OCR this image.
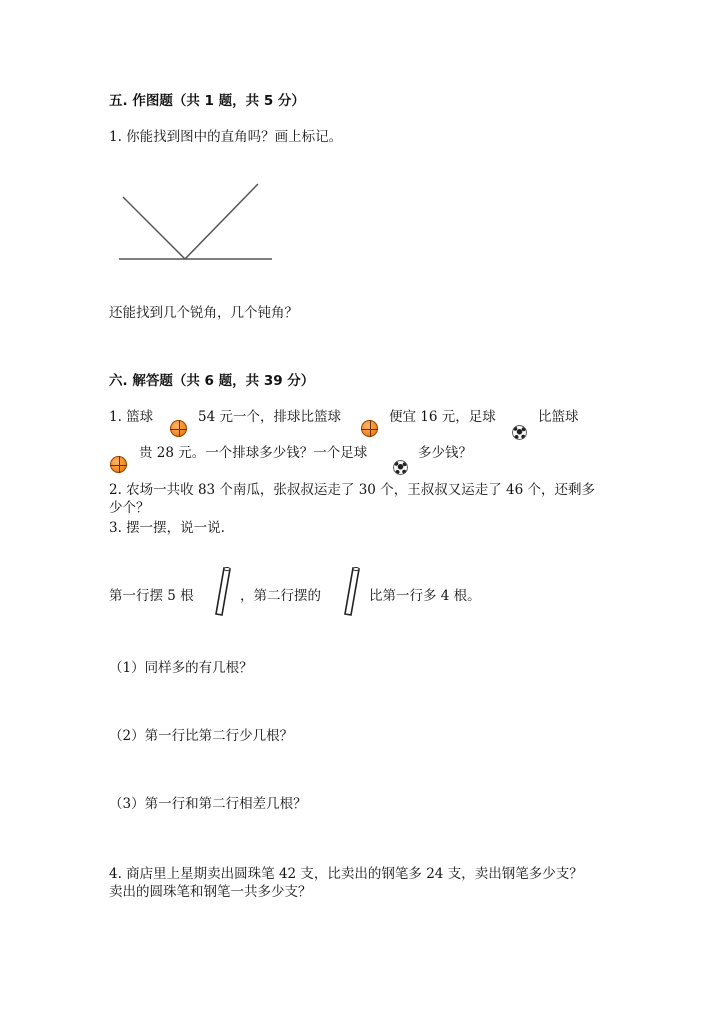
五. 作图题（共 1 题，共 5 分）
1. 你能找到图中的直角吗？画上标记。
还能找到几个锐角，几个钝角？
六. 解答题（共 6 题，共 39 分）
1. 篮球	54 元一个，排球比篮球	便宜 16 元，足球	比篮球
贵 28 元。一个排球多少钱？一个足球	多少钱？
2. 农场一共收 83 个南瓜，张叔叔运走了 30 个，王叔叔又运走了 46 个，还剩多
少个？
3. 摆一摆，说一说.
第一行摆 5 根	，第二行摆的	比第一行多 4 根。
（1）同样多的有几根？
（2）第一行比第二行少几根？
（3）第一行和第二行相差几根？
4. 商店里上星期卖出圆珠笔 42 支，比卖出的钢笔多 24 支，卖出钢笔多少支？
卖出的圆珠笔和钢笔一共多少支？
